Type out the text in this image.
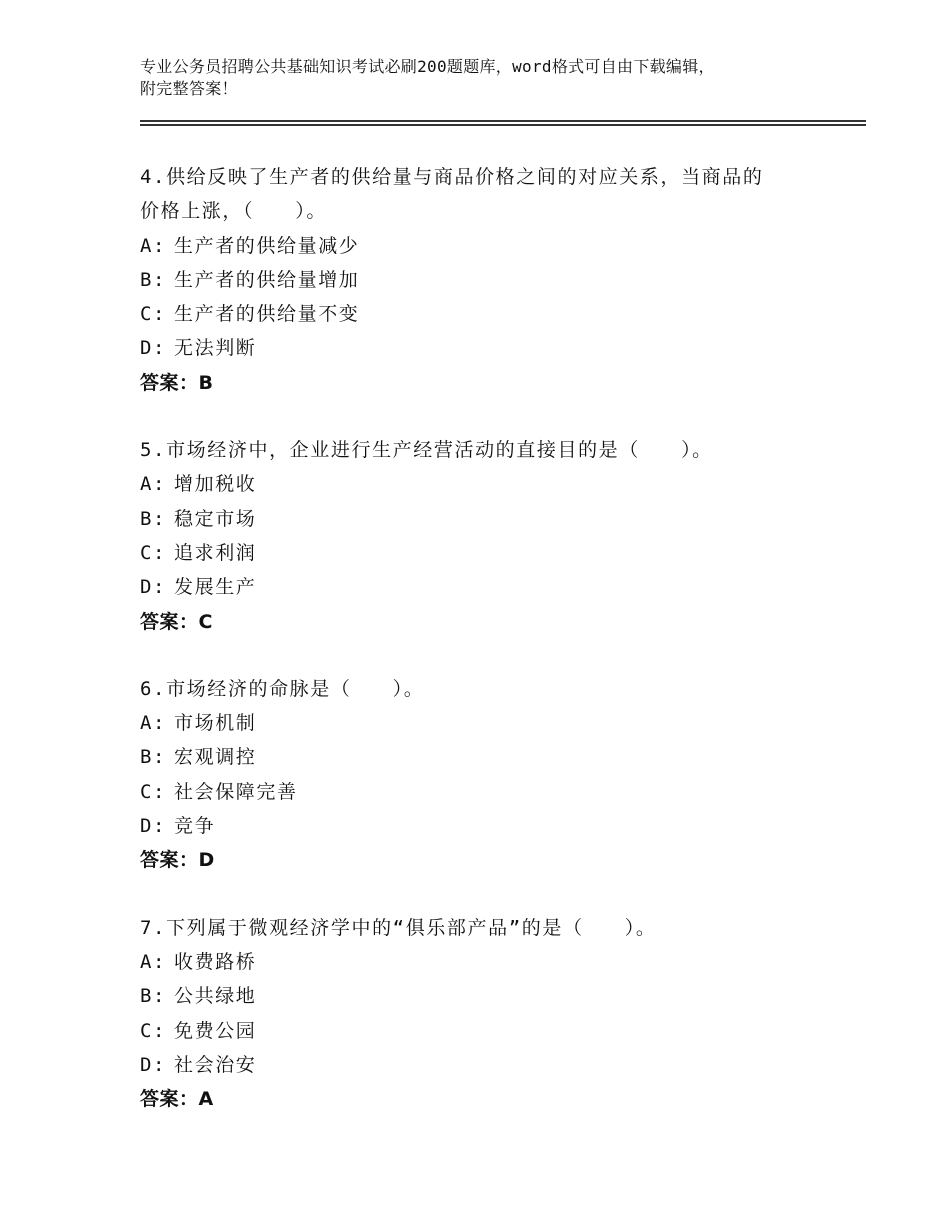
专业公务员招聘公共基础知识考试必刷200题题库，word格式可自由下载编辑，
附完整答案！
4.供给反映了生产者的供给量与商品价格之间的对应关系，当商品的
价格上涨，（　　）。
A: 生产者的供给量减少
B: 生产者的供给量增加
C: 生产者的供给量不变
D: 无法判断
答案：B
5.市场经济中，企业进行生产经营活动的直接目的是（　　）。
A: 增加税收
B: 稳定市场
C: 追求利润
D: 发展生产
答案：C
6.市场经济的命脉是（　　）。
A: 市场机制
B: 宏观调控
C: 社会保障完善
D: 竞争
答案：D
7.下列属于微观经济学中的“俱乐部产品”的是（　　）。
A: 收费路桥
B: 公共绿地
C: 免费公园
D: 社会治安
答案：A
